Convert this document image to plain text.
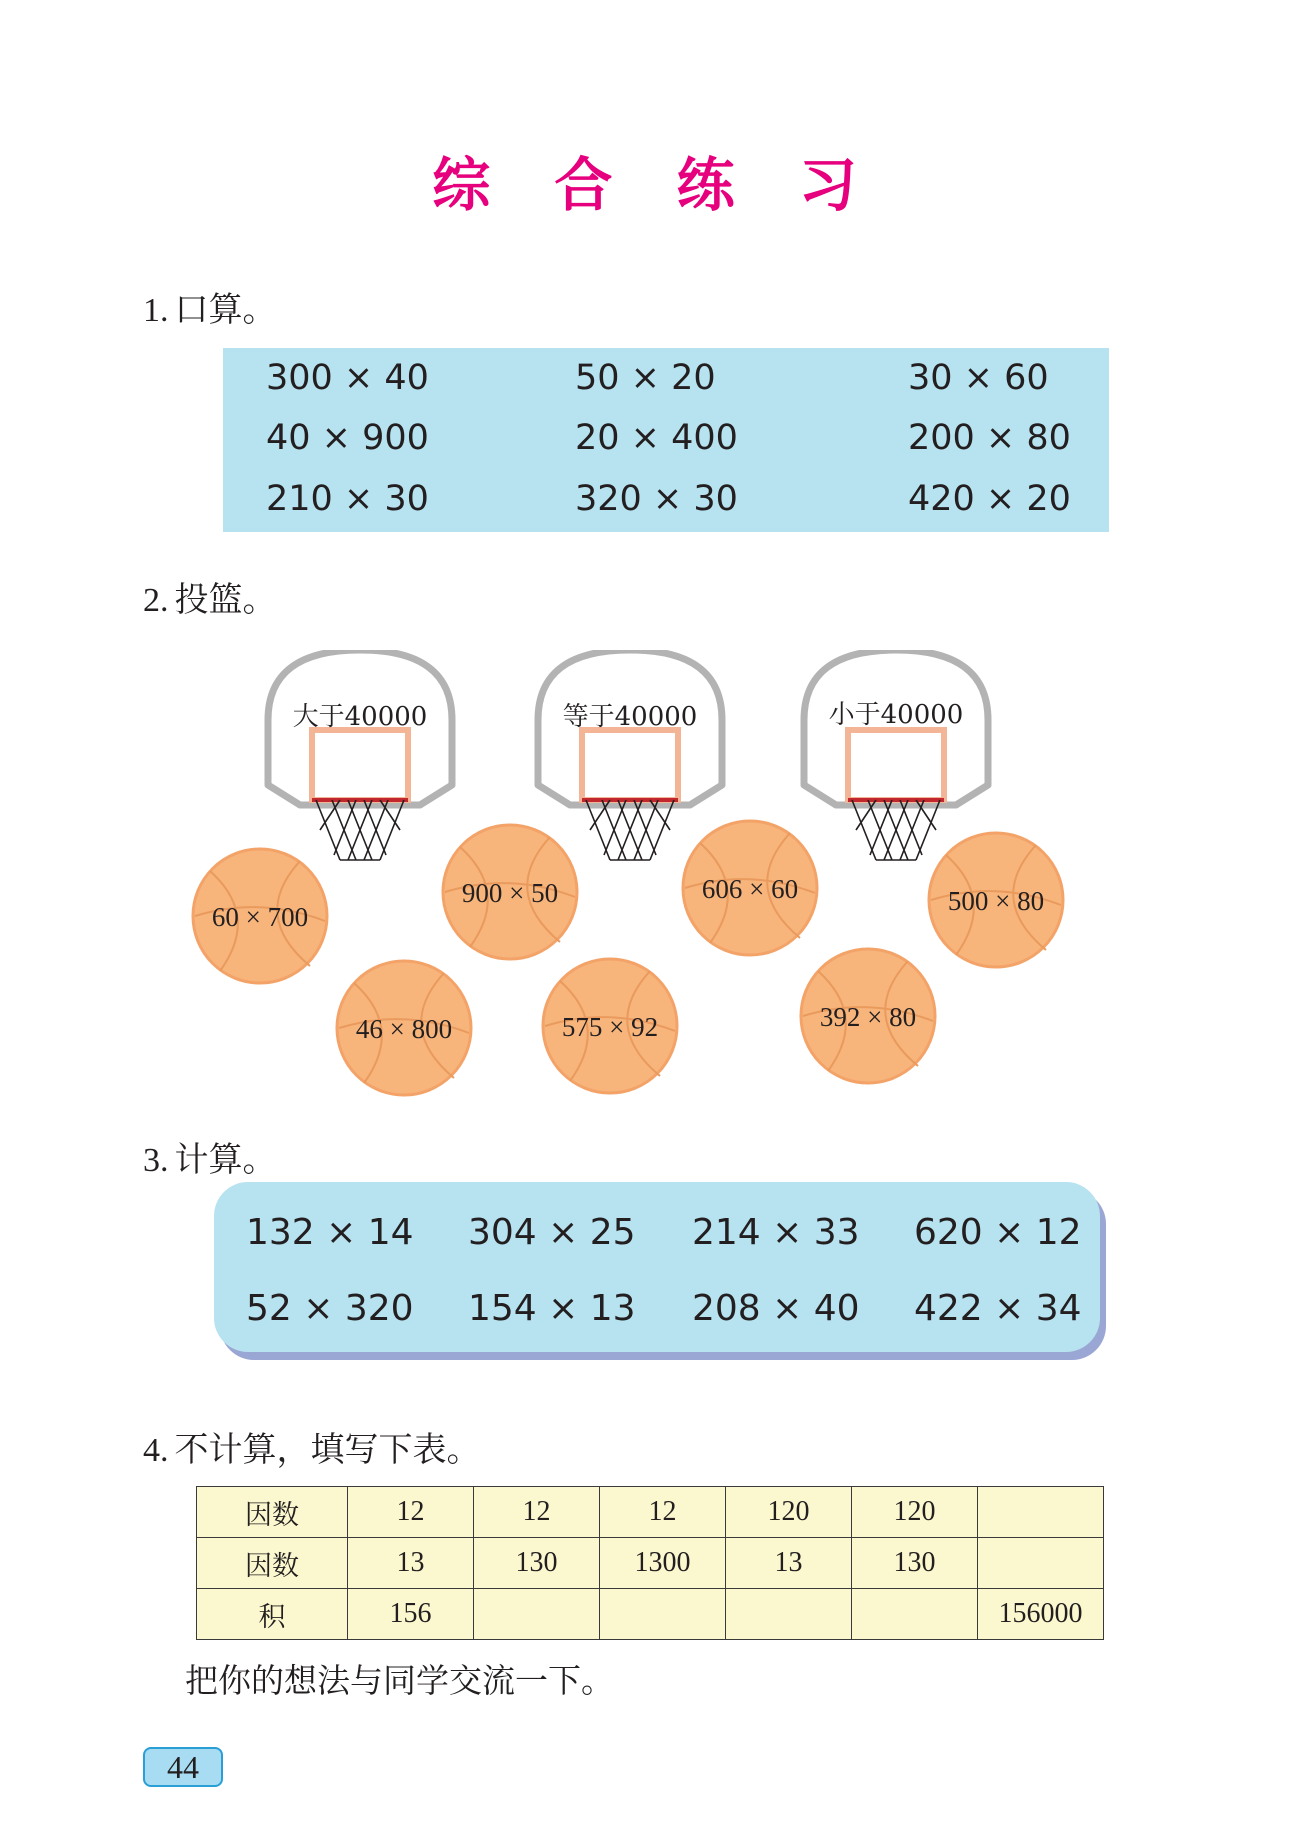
综 合 练 习
1. 口算。
300 × 40	50 × 20	30 × 60
40 × 900	20 × 400	200 × 80
210 × 30	320 × 30	420 × 20
2. 投篮。
大于40000	等于40000	小于40000
60 × 700
900 × 50	606 × 60	500 × 80
46 × 800	575 × 92	392 × 80
3. 计算。
132 × 14 304 × 25 214 × 33 620 × 12
52 × 320 154 × 13 208 × 40 422 × 34
4. 不计算，填写下表。
因数	12	12	12	120	120	
因数	13	130	1300	13	130	
积	156					156000
把你的想法与同学交流一下。
44
